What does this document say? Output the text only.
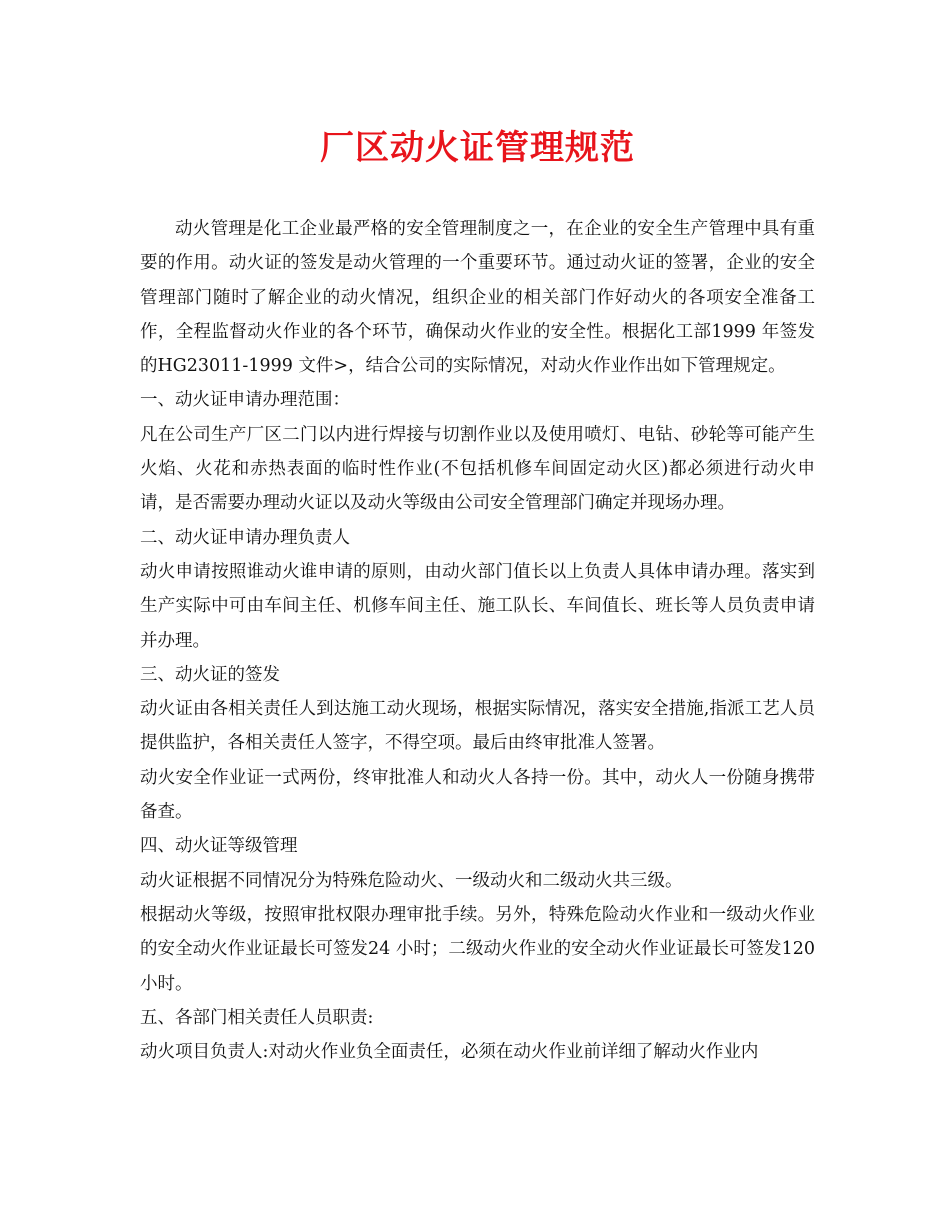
厂区动火证管理规范

动火管理是化工企业最严格的安全管理制度之一，在企业的安全生产管理中具有重要的作用。动火证的签发是动火管理的一个重要环节。通过动火证的签署，企业的安全管理部门随时了解企业的动火情况，组织企业的相关部门作好动火的各项安全准备工作，全程监督动火作业的各个环节，确保动火作业的安全性。根据化工部1999 年签发的HG23011-1999 文件>，结合公司的实际情况，对动火作业作出如下管理规定。

一、动火证申请办理范围：

凡在公司生产厂区二门以内进行焊接与切割作业以及使用喷灯、电钻、砂轮等可能产生火焰、火花和赤热表面的临时性作业(不包括机修车间固定动火区)都必须进行动火申请，是否需要办理动火证以及动火等级由公司安全管理部门确定并现场办理。

二、动火证申请办理负责人

动火申请按照谁动火谁申请的原则，由动火部门值长以上负责人具体申请办理。落实到生产实际中可由车间主任、机修车间主任、施工队长、车间值长、班长等人员负责申请并办理。

三、动火证的签发

动火证由各相关责任人到达施工动火现场，根据实际情况，落实安全措施,指派工艺人员提供监护，各相关责任人签字，不得空项。最后由终审批准人签署。

动火安全作业证一式两份，终审批准人和动火人各持一份。其中，动火人一份随身携带备查。

四、动火证等级管理

动火证根据不同情况分为特殊危险动火、一级动火和二级动火共三级。

根据动火等级，按照审批权限办理审批手续。另外，特殊危险动火作业和一级动火作业的安全动火作业证最长可签发24 小时；二级动火作业的安全动火作业证最长可签发120 小时。

五、各部门相关责任人员职责:

动火项目负责人:对动火作业负全面责任，必须在动火作业前详细了解动火作业内
